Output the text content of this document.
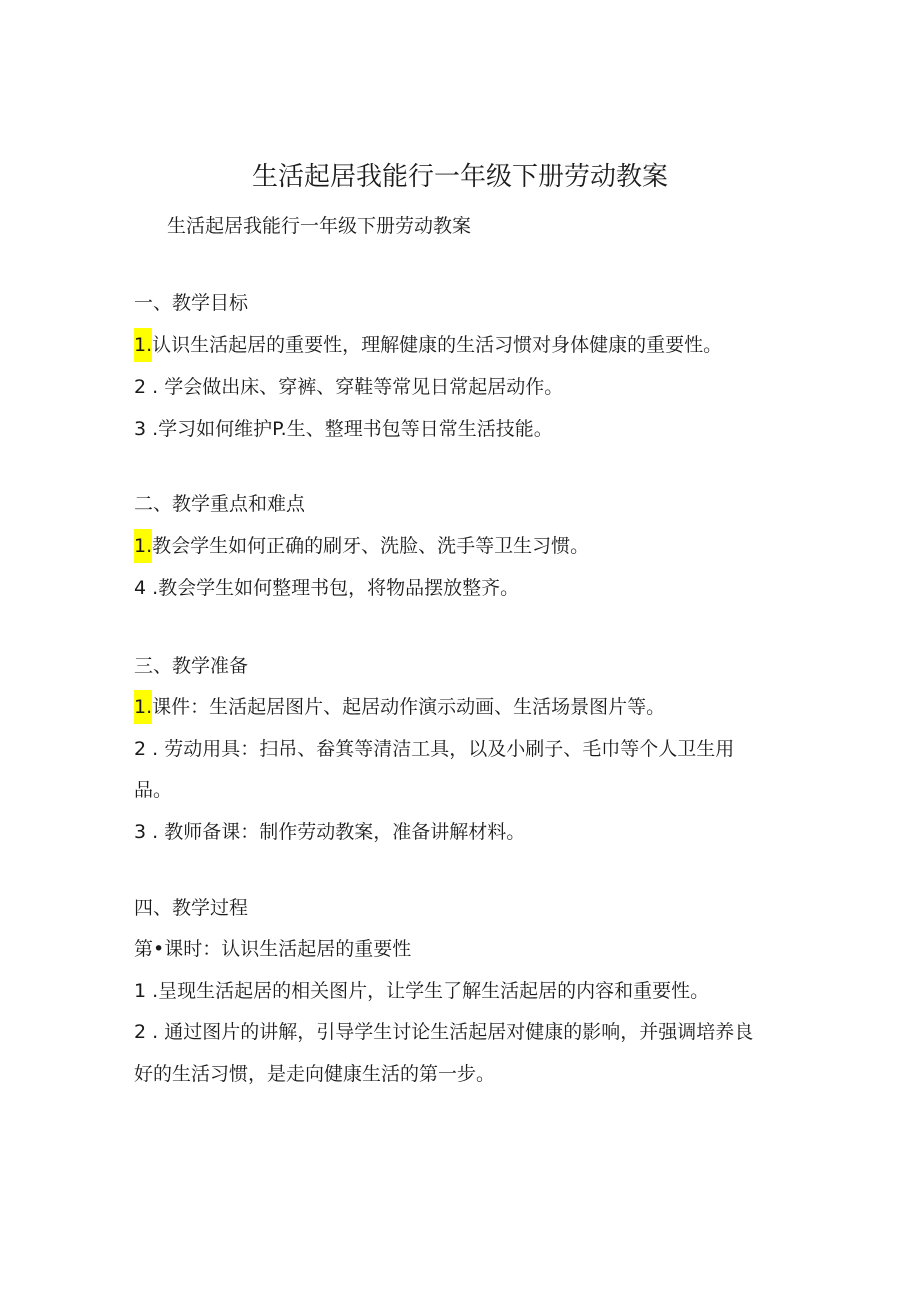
生活起居我能行一年级下册劳动教案
生活起居我能行一年级下册劳动教案
一、教学目标
1.认识生活起居的重要性，理解健康的生活习惯对身体健康的重要性。
2 . 学会做出床、穿裤、穿鞋等常见日常起居动作。
3 .学习如何维护P.生、整理书包等日常生活技能。
二、教学重点和难点
1.教会学生如何正确的刷牙、洗脸、洗手等卫生习惯。
4 .教会学生如何整理书包，将物品摆放整齐。
三、教学准备
1.课件：生活起居图片、起居动作演示动画、生活场景图片等。
2 . 劳动用具：扫吊、畚箕等清洁工具，以及小刷子、毛巾等个人卫生用
品。
3 . 教师备课：制作劳动教案，准备讲解材料。
四、教学过程
第•课时：认识生活起居的重要性
1 .呈现生活起居的相关图片，让学生了解生活起居的内容和重要性。
2 . 通过图片的讲解，引导学生讨论生活起居对健康的影响，并强调培养良
好的生活习惯，是走向健康生活的第一步。
